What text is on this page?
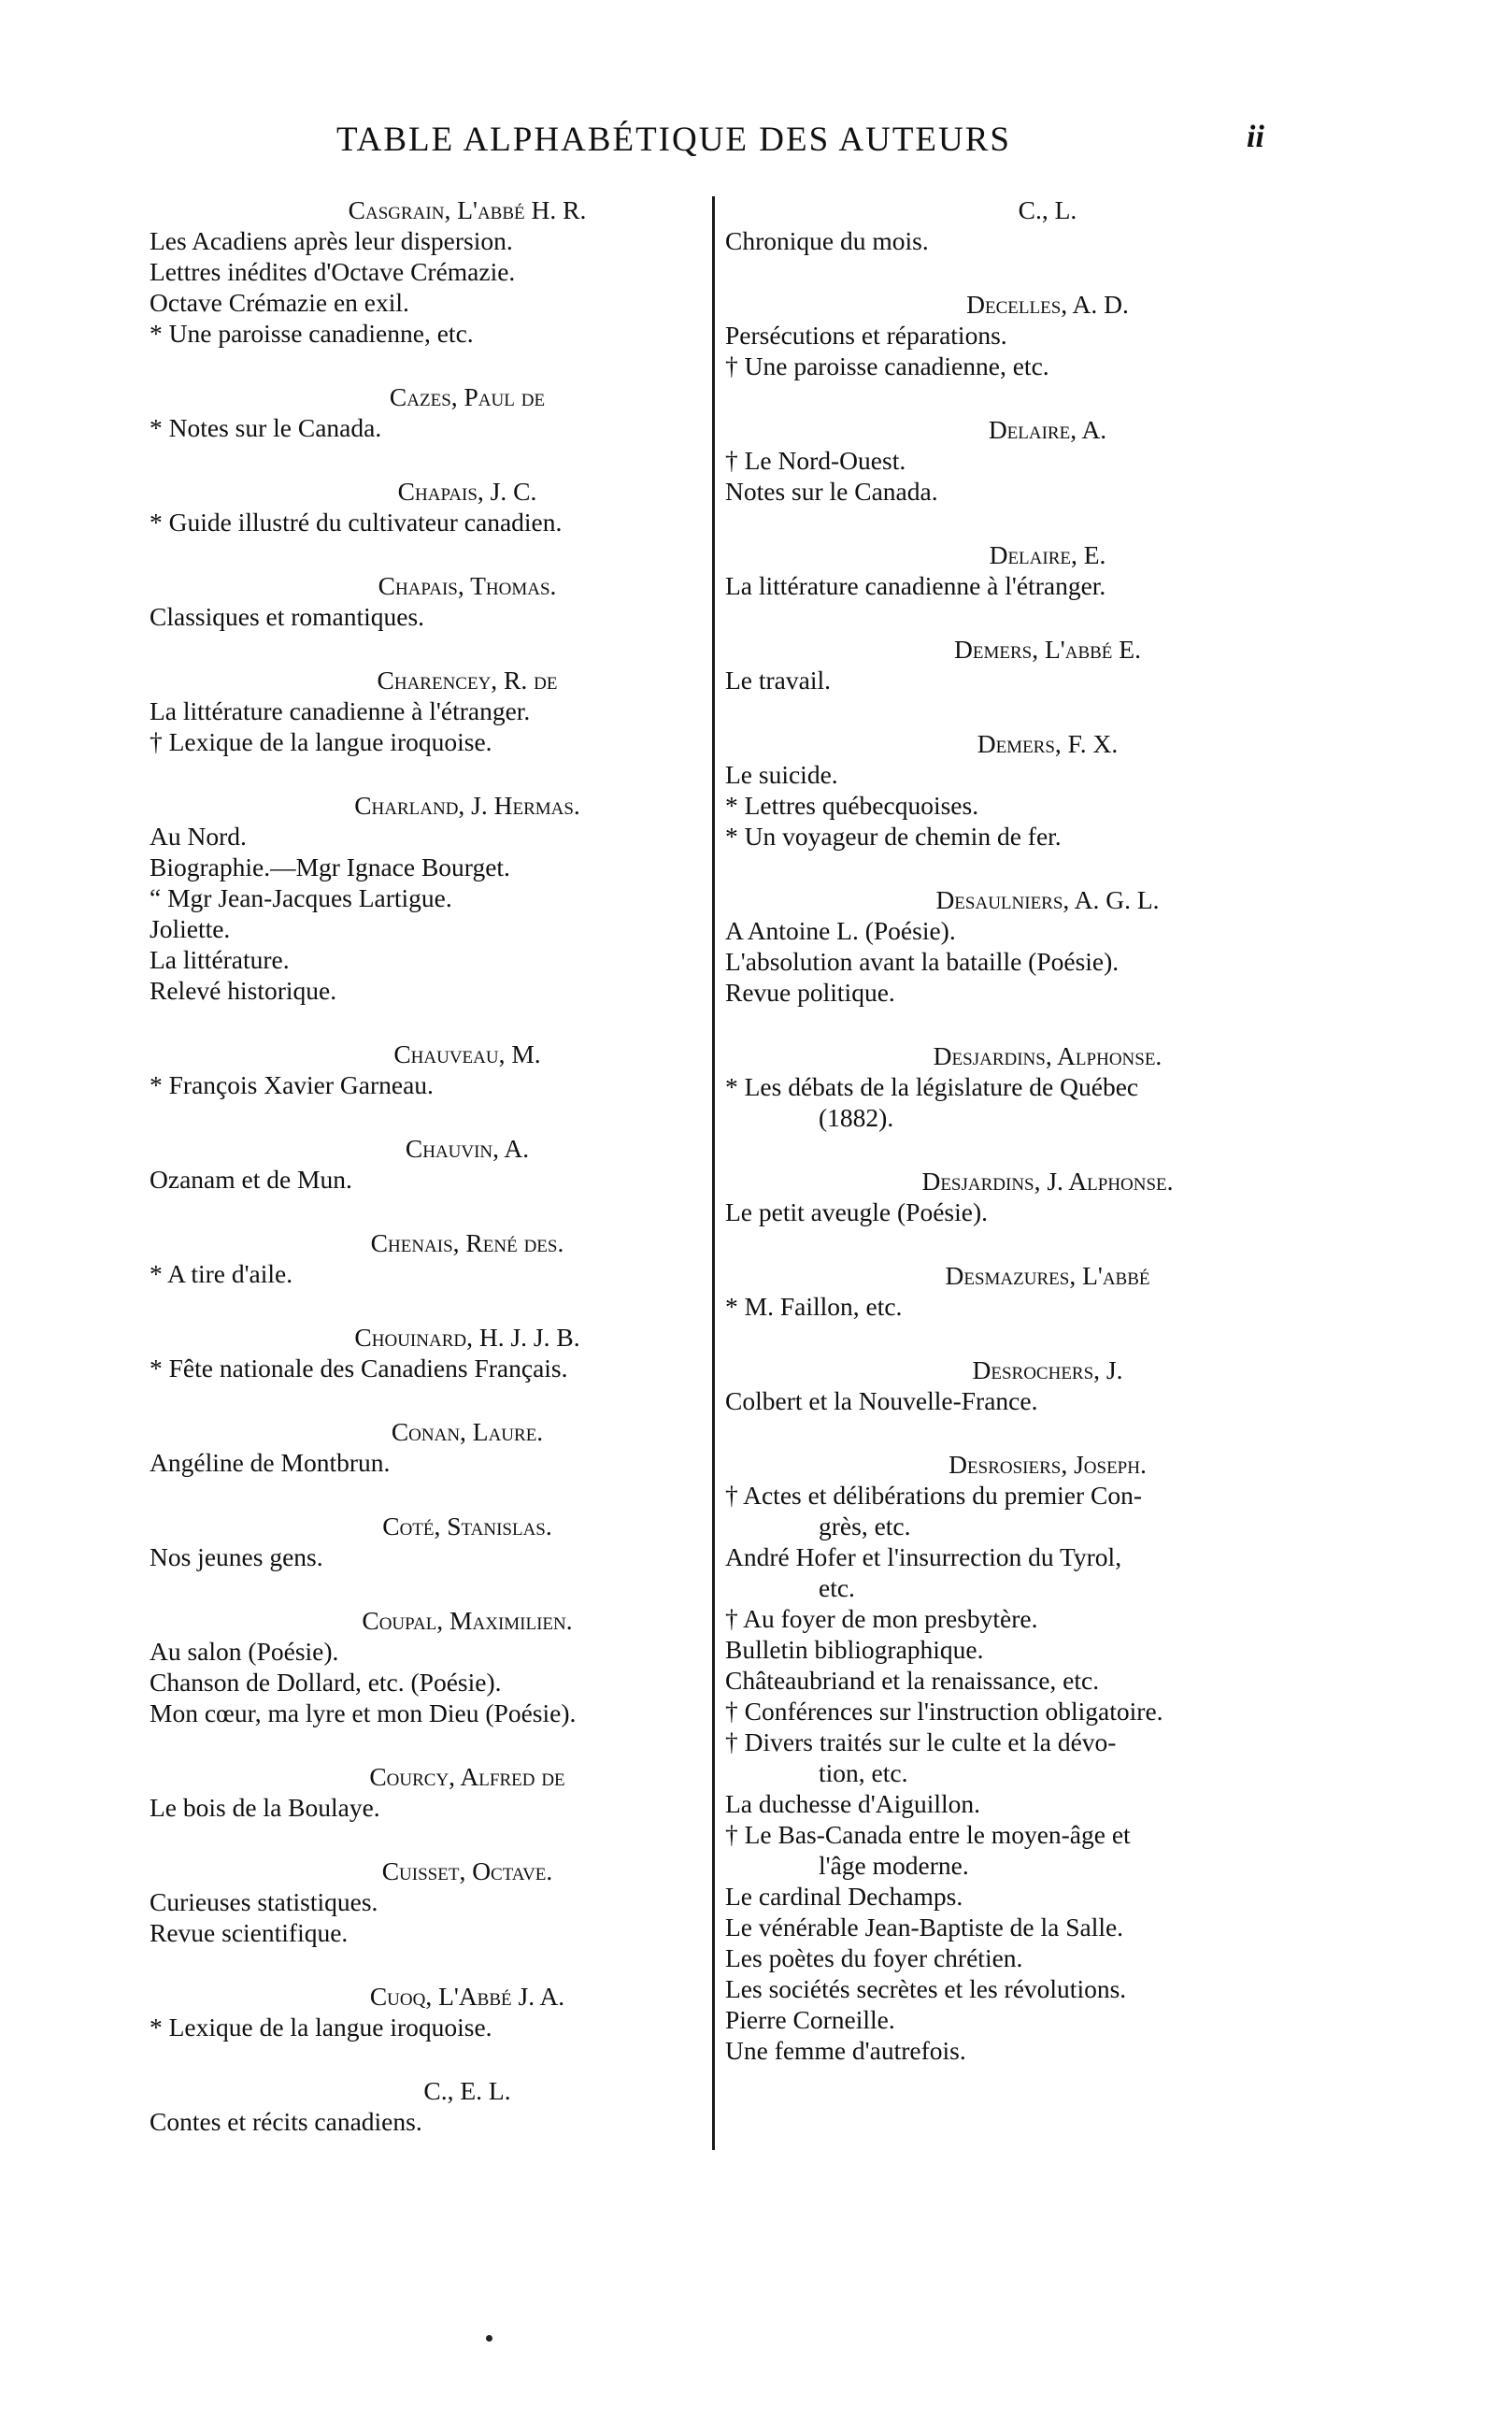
TABLE ALPHABÉTIQUE DES AUTEURS	ii
Casgrain, L'abbé H. R.
Les Acadiens après leur dispersion.
Lettres inédites d'Octave Crémazie.
Octave Crémazie en exil.
* Une paroisse canadienne, etc.
Cazes, Paul de
* Notes sur le Canada.
Chapais, J. C.
* Guide illustré du cultivateur canadien.
Chapais, Thomas.
Classiques et romantiques.
Charencey, R. de
La littérature canadienne à l'étranger.
† Lexique de la langue iroquoise.
Charland, J. Hermas.
Au Nord.
Biographie.—Mgr Ignace Bourget.
“ Mgr Jean-Jacques Lartigue.
Joliette.
La littérature.
Relevé historique.
Chauveau, M.
* François Xavier Garneau.
Chauvin, A.
Ozanam et de Mun.
Chenais, René des.
* A tire d'aile.
Chouinard, H. J. J. B.
* Fête nationale des Canadiens Français.
Conan, Laure.
Angéline de Montbrun.
Coté, Stanislas.
Nos jeunes gens.
Coupal, Maximilien.
Au salon (Poésie).
Chanson de Dollard, etc. (Poésie).
Mon cœur, ma lyre et mon Dieu (Poésie).
Courcy, Alfred de
Le bois de la Boulaye.
Cuisset, Octave.
Curieuses statistiques.
Revue scientifique.
Cuoq, L'Abbé J. A.
* Lexique de la langue iroquoise.
C., E. L.
Contes et récits canadiens.
C., L.
Chronique du mois.
Decelles, A. D.
Persécutions et réparations.
† Une paroisse canadienne, etc.
Delaire, A.
† Le Nord-Ouest.
Notes sur le Canada.
Delaire, E.
La littérature canadienne à l'étranger.
Demers, L'abbé E.
Le travail.
Demers, F. X.
Le suicide.
* Lettres québecquoises.
* Un voyageur de chemin de fer.
Desaulniers, A. G. L.
A Antoine L. (Poésie).
L'absolution avant la bataille (Poésie).
Revue politique.
Desjardins, Alphonse.
* Les débats de la législature de Québec
(1882).
Desjardins, J. Alphonse.
Le petit aveugle (Poésie).
Desmazures, L'abbé
* M. Faillon, etc.
Desrochers, J.
Colbert et la Nouvelle-France.
Desrosiers, Joseph.
† Actes et délibérations du premier Con-
grès, etc.
André Hofer et l'insurrection du Tyrol,
etc.
† Au foyer de mon presbytère.
Bulletin bibliographique.
Châteaubriand et la renaissance, etc.
† Conférences sur l'instruction obligatoire.
† Divers traités sur le culte et la dévo-
tion, etc.
La duchesse d'Aiguillon.
† Le Bas-Canada entre le moyen-âge et
l'âge moderne.
Le cardinal Dechamps.
Le vénérable Jean-Baptiste de la Salle.
Les poètes du foyer chrétien.
Les sociétés secrètes et les révolutions.
Pierre Corneille.
Une femme d'autrefois.
